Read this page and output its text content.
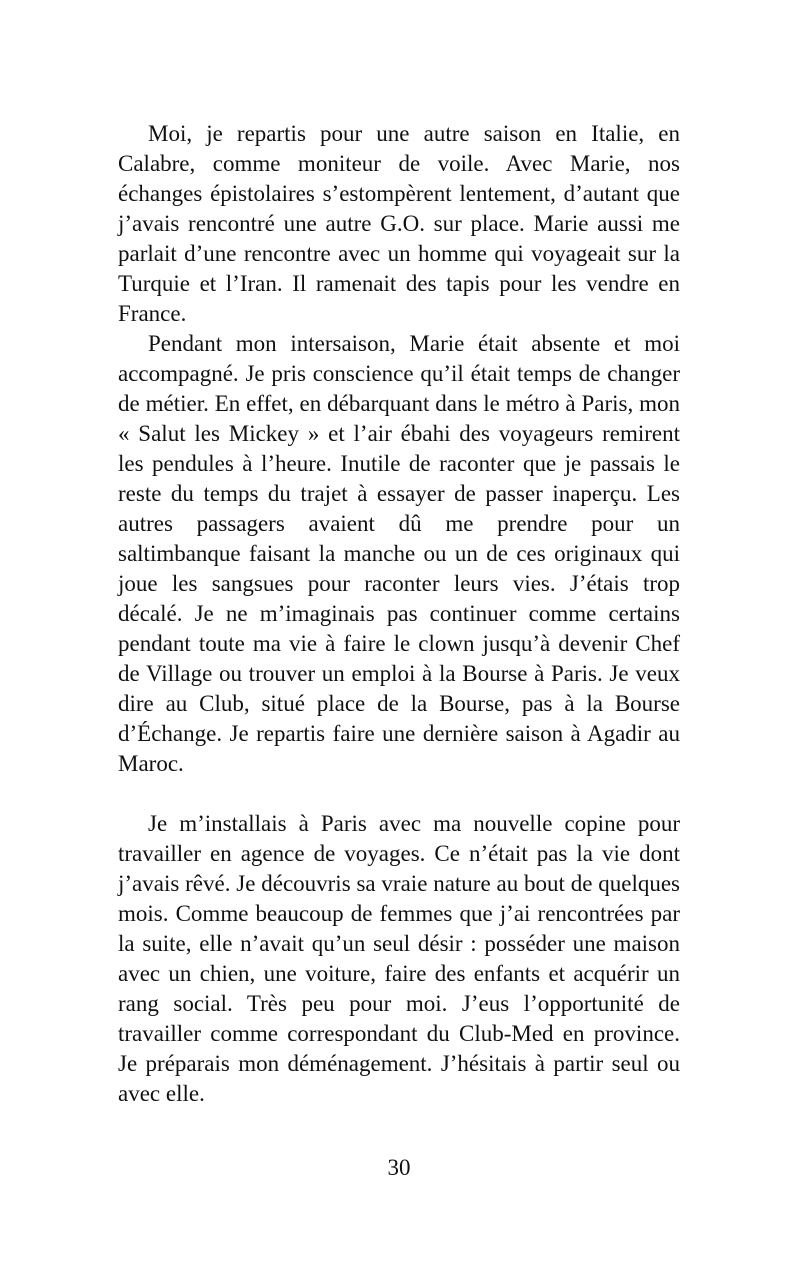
Moi, je repartis pour une autre saison en Italie, en Calabre, comme moniteur de voile. Avec Marie, nos échanges épistolaires s’estompèrent lentement, d’autant que j’avais rencontré une autre G.O. sur place. Marie aussi me parlait d’une rencontre avec un homme qui voyageait sur la Turquie et l’Iran. Il ramenait des tapis pour les vendre en France.

Pendant mon intersaison, Marie était absente et moi accompagné. Je pris conscience qu’il était temps de changer de métier. En effet, en débarquant dans le métro à Paris, mon « Salut les Mickey » et l’air ébahi des voyageurs remirent les pendules à l’heure. Inutile de raconter que je passais le reste du temps du trajet à essayer de passer inaperçu. Les autres passagers avaient dû me prendre pour un saltimbanque faisant la manche ou un de ces originaux qui joue les sangsues pour raconter leurs vies. J’étais trop décalé. Je ne m’imaginais pas continuer comme certains pendant toute ma vie à faire le clown jusqu’à devenir Chef de Village ou trouver un emploi à la Bourse à Paris. Je veux dire au Club, situé place de la Bourse, pas à la Bourse d’Échange. Je repartis faire une dernière saison à Agadir au Maroc.

Je m’installais à Paris avec ma nouvelle copine pour travailler en agence de voyages. Ce n’était pas la vie dont j’avais rêvé. Je découvris sa vraie nature au bout de quelques mois. Comme beaucoup de femmes que j’ai rencontrées par la suite, elle n’avait qu’un seul désir : posséder une maison avec un chien, une voiture, faire des enfants et acquérir un rang social. Très peu pour moi. J’eus l’opportunité de travailler comme correspondant du Club-Med en province. Je préparais mon déménagement. J’hésitais à partir seul ou avec elle.

30
